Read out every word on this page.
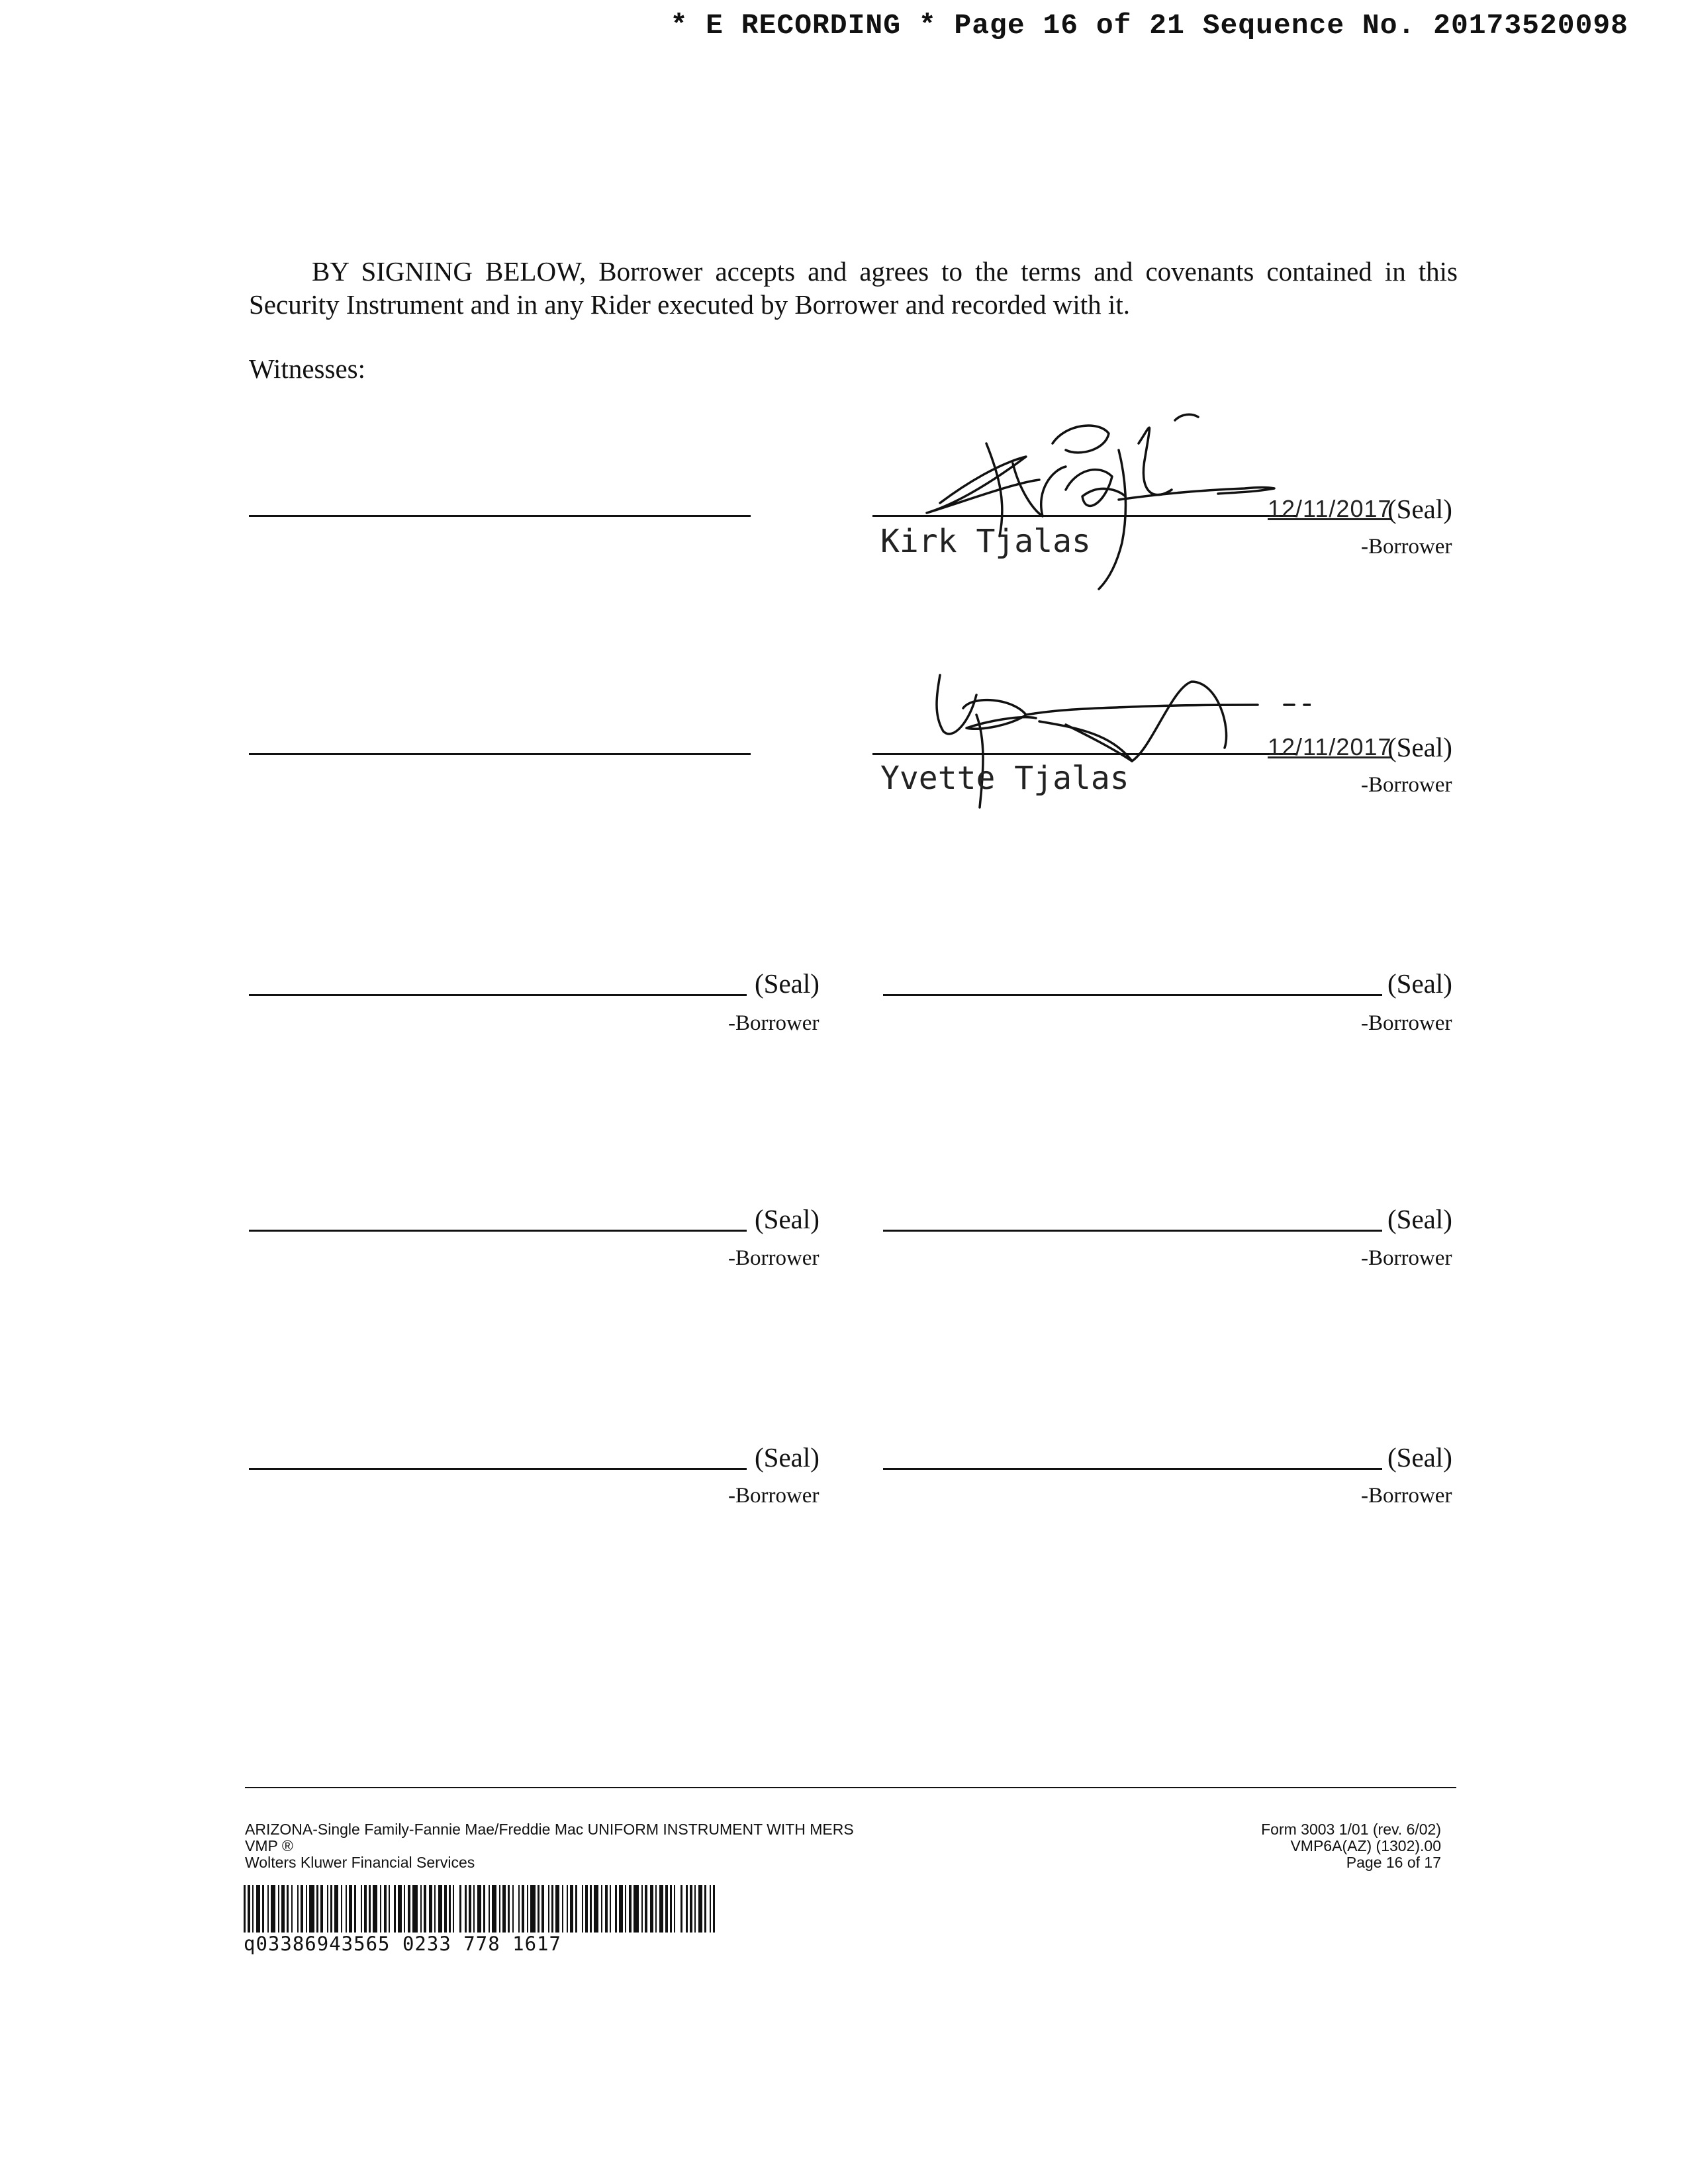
* E RECORDING * Page 16 of 21 Sequence No. 20173520098
BY SIGNING BELOW, Borrower accepts and agrees to the terms and covenants contained in this Security Instrument and in any Rider executed by Borrower and recorded with it.
Witnesses:
12/11/2017
(Seal)
Kirk Tjalas	-Borrower
12/11/2017
(Seal)
Yvette Tjalas	-Borrower
(Seal)
-Borrower
(Seal)
-Borrower
(Seal)
-Borrower
(Seal)
-Borrower
(Seal)
-Borrower
(Seal)
-Borrower
ARIZONA-Single Family-Fannie Mae/Freddie Mac UNIFORM INSTRUMENT WITH MERS
VMP ®
Wolters Kluwer Financial Services
Form 3003 1/01 (rev. 6/02)
VMP6A(AZ) (1302).00
Page 16 of 17
q03386943565 0233 778 1617
